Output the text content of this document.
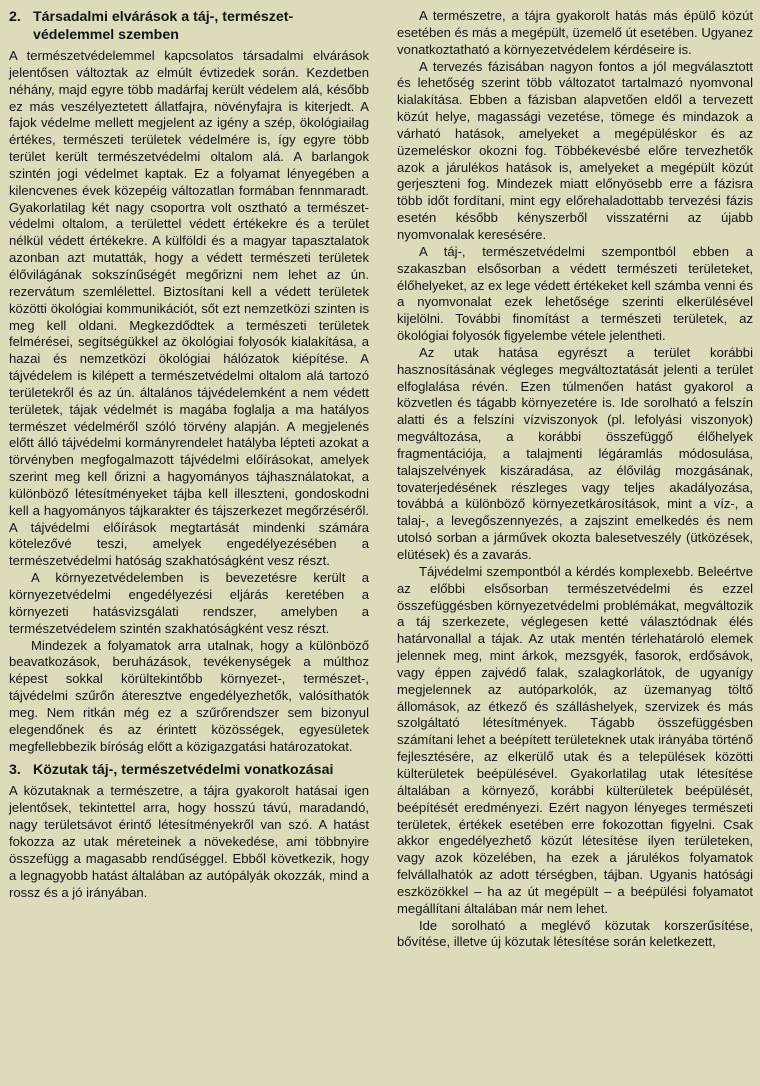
2. Társadalmi elvárások a táj-, természet-védelemmel szemben

A természetvédelemmel kapcsolatos társadalmi elvárások jelentősen változtak az elmúlt évtizedek során. Kezdetben néhány, majd egyre több madárfaj került védelem alá, később ez más veszélyeztetett állatfajra, növényfajra is kiterjedt. A fajok védelme mellett megjelent az igény a szép, ökológiailag értékes, természeti területek védelmére is, így egyre több terület került természetvédelmi oltalom alá. A barlangok szintén jogi védelmet kaptak. Ez a folyamat lényegében a kilencvenes évek közepéig változatlan formában fennmaradt. Gyakorlatilag két nagy csoportra volt osztható a természet-védelmi oltalom, a területtel védett értékekre és a terület nélkül védett értékekre. A külföldi és a magyar tapasztalatok azonban azt mutatták, hogy a védett természeti területek élővilágának sokszínűségét megőrizni nem lehet az ún. rezervátum szemlélettel. Biztosítani kell a védett területek közötti ökológiai kommunikációt, sőt ezt nemzetközi szinten is meg kell oldani. Megkezdődtek a természeti területek felmérései, segítségükkel az ökológiai folyosók kialakítása, a hazai és nemzetközi ökológiai hálózatok kiépítése. A tájvédelem is kilépett a természetvédelmi oltalom alá tartozó területekről és az ún. általános tájvédelemként a nem védett területek, tájak védelmét is magába foglalja a ma hatályos természet védelméről szóló törvény alapján. A megjelenés előtt álló tájvédelmi kormányrendelet hatályba lépteti azokat a törvényben megfogalmazott tájvédelmi előírásokat, amelyek szerint meg kell őrizni a hagyományos tájhasználatokat, a különböző létesítményeket tájba kell illeszteni, gondoskodni kell a hagyományos tájkarakter és tájszerkezet megőrzéséről. A tájvédelmi előírások megtartását mindenki számára kötelezővé teszi, amelyek engedélyezésében a természetvédelmi hatóság szakhatóságként vesz részt.

A környezetvédelemben is bevezetésre került a környezetvédelmi engedélyezési eljárás keretében a környezeti hatásvizsgálati rendszer, amelyben a természetvédelem szintén szakhatóságként vesz részt.

Mindezek a folyamatok arra utalnak, hogy a különböző beavatkozások, beruházások, tevékenységek a múlthoz képest sokkal körültekintőbb környezet-, természet-, tájvédelmi szűrőn áteresztve engedélyezhetők, valósíthatók meg. Nem ritkán még ez a szűrőrendszer sem bizonyul elegendőnek és az érintett közösségek, egyesületek megfellebbezik bíróság előtt a közigazgatási határozatokat.

3. Közutak táj-, természetvédelmi vonatkozásai

A közutaknak a természetre, a tájra gyakorolt hatásai igen jelentősek, tekintettel arra, hogy hosszú távú, maradandó, nagy területsávot érintő létesítményekről van szó. A hatást fokozza az utak méreteinek a növekedése, ami többnyire összefügg a magasabb rendűséggel. Ebből következik, hogy a legnagyobb hatást általában az autópályák okozzák, mind a rossz és a jó irányában.

A természetre, a tájra gyakorolt hatás más épülő közút esetében és más a megépült, üzemelő út esetében. Ugyanez vonatkoztatható a környezetvédelem kérdéseire is.

A tervezés fázisában nagyon fontos a jól megválasztott és lehetőség szerint több változatot tartalmazó nyomvonal kialakítása. Ebben a fázisban alapvetően eldől a tervezett közút helye, magassági vezetése, tömege és mindazok a várható hatások, amelyeket a megépüléskor és az üzemeléskor okozni fog. Többékevésbé előre tervezhetők azok a járulékos hatások is, amelyeket a megépült közút gerjeszteni fog. Mindezek miatt előnyösebb erre a fázisra több időt fordítani, mint egy előrehaladottabb tervezési fázis esetén később kényszerből visszatérni az újabb nyomvonalak keresésére.

A táj-, természetvédelmi szempontból ebben a szakaszban elsősorban a védett természeti területeket, élőhelyeket, az ex lege védett értékeket kell számba venni és a nyomvonalat ezek lehetősége szerinti elkerülésével kijelölni. További finomítást a természeti területek, az ökológiai folyosók figyelembe vétele jelentheti.

Az utak hatása egyrészt a terület korábbi hasznosításának végleges megváltoztatását jelenti a terület elfoglalása révén. Ezen túlmenően hatást gyakorol a közvetlen és tágabb környezetére is. Ide sorolható a felszín alatti és a felszíni vízviszonyok (pl. lefolyási viszonyok) megváltozása, a korábbi összefüggő élőhelyek fragmentációja, a talajmenti légáramlás módosulása, talajszelvények kiszáradása, az élővilág mozgásának, tovaterjedésének részleges vagy teljes akadályozása, továbbá a különböző környezetkárosítások, mint a víz-, a talaj-, a levegőszennyezés, a zajszint emelkedés és nem utolsó sorban a járművek okozta balesetveszély (ütközések, elütések) és a zavarás.

Tájvédelmi szempontból a kérdés komplexebb. Beleértve az előbbi elsősorban természetvédelmi és ezzel összefüggésben környezetvédelmi problémákat, megváltozik a táj szerkezete, véglegesen ketté választódnak élés határvonallal a tájak. Az utak mentén térlehatároló elemek jelennek meg, mint árkok, mezsgyék, fasorok, erdősávok, vagy éppen zajvédő falak, szalagkorlátok, de ugyanígy megjelennek az autóparkolók, az üzemanyag töltő állomások, az étkező és szálláshelyek, szervizek és más szolgáltató létesítmények. Tágabb összefüggésben számítani lehet a beépített területeknek utak irányába történő fejlesztésére, az elkerülő utak és a települések közötti külterületek beépülésével. Gyakorlatilag utak létesítése általában a környező, korábbi külterületek beépülését, beépítését eredményezi. Ezért nagyon lényeges természeti területek, értékek esetében erre fokozottan figyelni. Csak akkor engedélyezhető közút létesítése ilyen területeken, vagy azok közelében, ha ezek a járulékos folyamatok felvállalhatók az adott térségben, tájban. Ugyanis hatósági eszközökkel – ha az út megépült – a beépülési folyamatot megállítani általában már nem lehet.

Ide sorolható a meglévő közutak korszerűsítése, bővítése, illetve új közutak létesítése során keletkezett,
